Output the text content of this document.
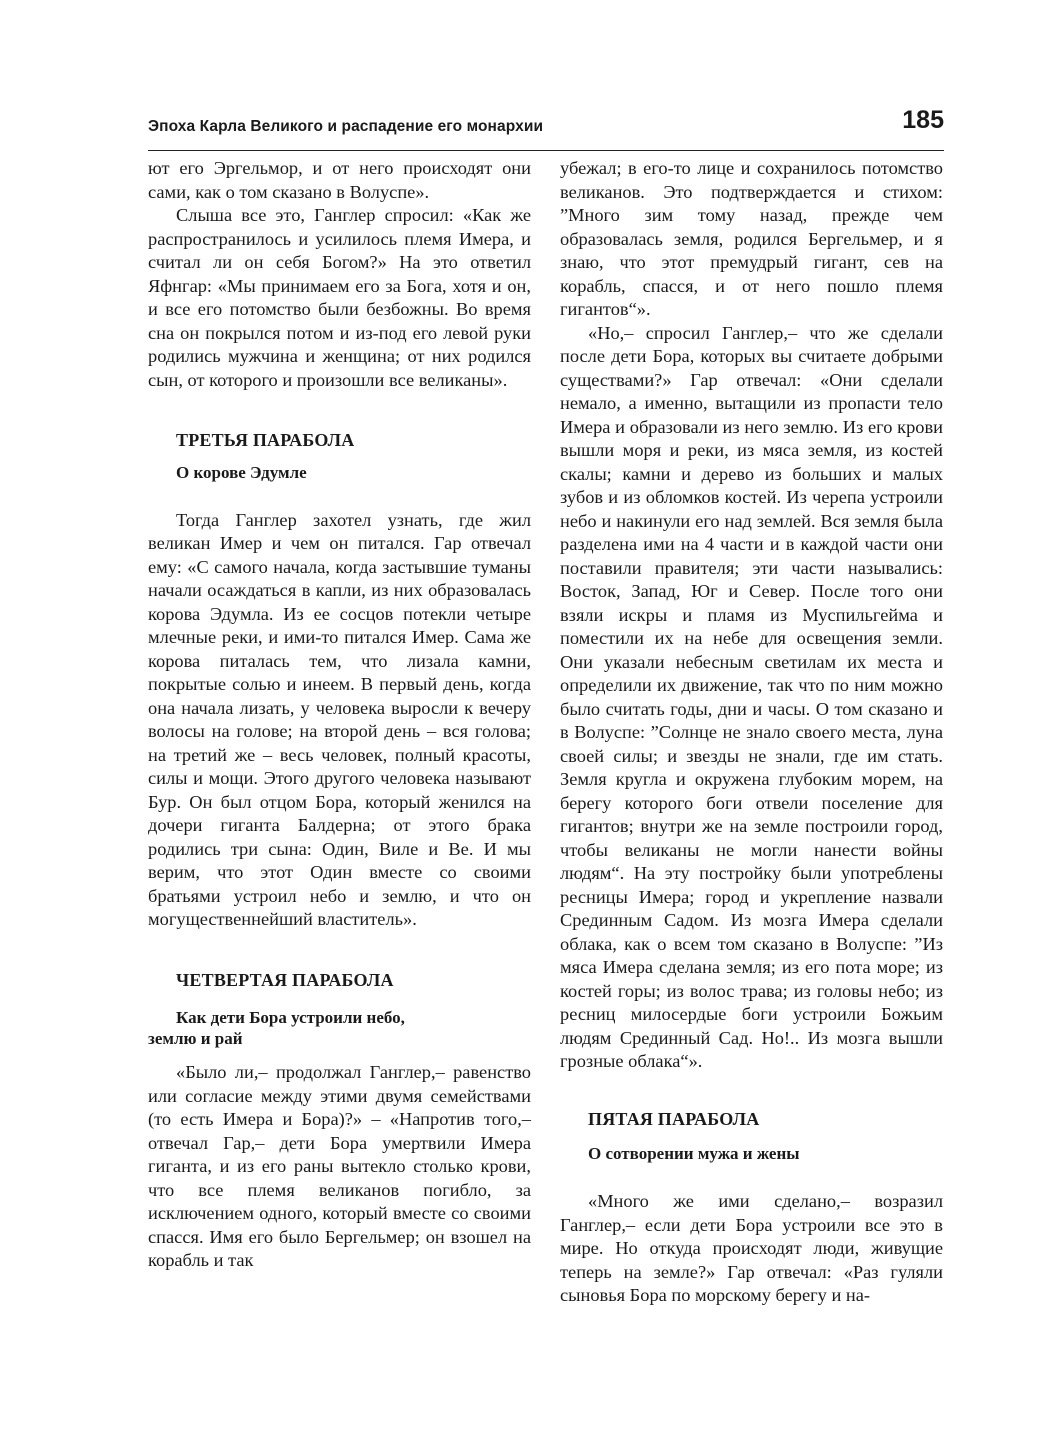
Эпоха Карла Великого и распадение его монархии	185

ют его Эргельмор, и от него происходят они сами, как о том сказано в Волуспе».

Слыша все это, Ганглер спросил: «Как же распространилось и усилилось племя Имера, и считал ли он себя Богом?» На это ответил Яфнгар: «Мы принимаем его за Бога, хотя и он, и все его потомство были безбожны. Во время сна он покрылся потом и из-под его левой руки родились мужчина и женщина; от них родился сын, от которого и произошли все великаны».

ТРЕТЬЯ ПАРАБОЛА

О корове Эдумле

Тогда Ганглер захотел узнать, где жил великан Имер и чем он питался. Гар отвечал ему: «С самого начала, когда застывшие туманы начали осаждаться в капли, из них образовалась корова Эдумла. Из ее сосцов потекли четыре млечные реки, и ими-то питался Имер. Сама же корова питалась тем, что лизала камни, покрытые солью и инеем. В первый день, когда она начала лизать, у человека выросли к вечеру волосы на голове; на второй день – вся голова; на третий же – весь человек, полный красоты, силы и мощи. Этого другого человека называют Бур. Он был отцом Бора, который женился на дочери гиганта Балдерна; от этого брака родились три сына: Один, Виле и Ве. И мы верим, что этот Один вместе со своими братьями устроил небо и землю, и что он могущественнейший властитель».

ЧЕТВЕРТАЯ ПАРАБОЛА

Как дети Бора устроили небо,
землю и рай

«Было ли,– продолжал Ганглер,– равенство или согласие между этими двумя семействами (то есть Имера и Бора)?» – «Напротив того,– отвечал Гар,– дети Бора умертвили Имера гиганта, и из его раны вытекло столько крови, что все племя великанов погибло, за исключением одного, который вместе со своими спасся. Имя его было Бергельмер; он взошел на корабль и так

убежал; в его-то лице и сохранилось потомство великанов. Это подтверждается и стихом: ”Много зим тому назад, прежде чем образовалась земля, родился Бергельмер, и я знаю, что этот премудрый гигант, сев на корабль, спасся, и от него пошло племя гигантов“».

«Но,– спросил Ганглер,– что же сделали после дети Бора, которых вы считаете добрыми существами?» Гар отвечал: «Они сделали немало, а именно, вытащили из пропасти тело Имера и образовали из него землю. Из его крови вышли моря и реки, из мяса земля, из костей скалы; камни и дерево из больших и малых зубов и из обломков костей. Из черепа устроили небо и накинули его над землей. Вся земля была разделена ими на 4 части и в каждой части они поставили правителя; эти части назывались: Восток, Запад, Юг и Север. После того они взяли искры и пламя из Муспильгейма и поместили их на небе для освещения земли. Они указали небесным светилам их места и определили их движение, так что по ним можно было считать годы, дни и часы. О том сказано и в Волуспе: ”Солнце не знало своего места, луна своей силы; и звезды не знали, где им стать. Земля кругла и окружена глубоким морем, на берегу которого боги отвели поселение для гигантов; внутри же на земле построили город, чтобы великаны не могли нанести войны людям“. На эту постройку были употреблены ресницы Имера; город и укрепление назвали Срединным Садом. Из мозга Имера сделали облака, как о всем том сказано в Волуспе: ”Из мяса Имера сделана земля; из его пота море; из костей горы; из волос трава; из головы небо; из ресниц милосердые боги устроили Божьим людям Срединный Сад. Но!.. Из мозга вышли грозные облака“».

ПЯТАЯ ПАРАБОЛА

О сотворении мужа и жены

«Много же ими сделано,– возразил Ганглер,– если дети Бора устроили все это в мире. Но откуда происходят люди, живущие теперь на земле?» Гар отвечал: «Раз гуляли сыновья Бора по морскому берегу и на-
